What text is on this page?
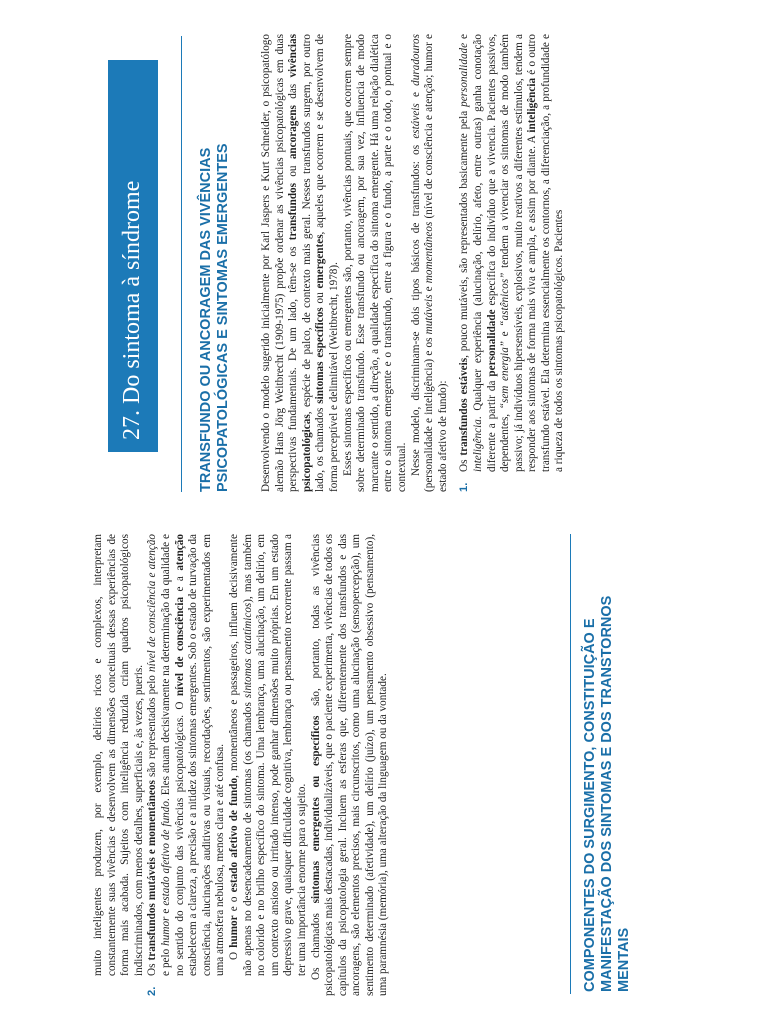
muito inteligentes produzem, por exemplo, delírios ricos e complexos, interpretam constantemente suas vivências e desenvolvem as dimensões conceituais dessas experiências de forma mais acabada. Sujeitos com inteligência reduzida criam quadros psicopatológicos indiscriminados, com menos detalhes, superficiais e, às vezes, pueris.

2.

Os transfundos mutáveis e momentâneos são representados pelo nível de consciência e atenção e pelo humor e estado afetivo de fundo. Eles atuam decisivamente na determinação da qualidade e no sentido do conjunto das vivências psicopatológicas. O nível de consciência e a atenção estabelecem a clareza, a precisão e a nitidez dos sintomas emergentes. Sob o estado de turvação da consciência, alucinações auditivas ou visuais, recordações, sentimentos, são experimentados em uma atmosfera nebulosa, menos clara e até confusa. O humor e o estado afetivo de fundo, momentâneos e passageiros, influem decisivamente não apenas no desencadeamento de sintomas (os chamados sintomas catatímicos), mas também no colorido e no brilho específico do sintoma. Uma lembrança, uma alucinação, um delírio, em um contexto ansioso ou irritado intenso, pode ganhar dimensões muito próprias. Em um estado depressivo grave, quaisquer dificuldade cognitiva, lembrança ou pensamento recorrente passam a ter uma importância enorme para o sujeito. Os chamados sintomas emergentes ou específicos são, portanto, todas as vivências psicopatológicas mais destacadas, individualizáveis, que o paciente experimenta, vivências de todos os capítulos da psicopatologia geral. Incluem as esferas que, diferentemente dos transfundos e das ancoragens, são elementos precisos, mais circunscritos, como uma alucinação (sensopercepção), um sentimento determinado (afetividade), um delírio (juízo), um pensamento obsessivo (pensamento), uma paramnésia (memória), uma alteração da linguagem ou da vontade.	COMPONENTES DO SURGIMENTO, CONSTITUIÇÃO E MANIFESTAÇÃO DOS SINTOMAS E DOS TRANSTORNOS MENTAIS
27. Do sintoma à síndrome	TRANSFUNDO OU ANCORAGEM DAS VIVÊNCIAS PSICOPATOLÓGICAS E SINTOMAS EMERGENTES	Desenvolvendo o modelo sugerido inicialmente por Karl Jaspers e Kurt Schneider, o psicopatólogo alemão Hans Jörg Weitbrecht (1909-1975) propõe ordenar as vivências psicopatológicas em duas perspectivas fundamentais. De um lado, têm-se os transfundos ou ancoragens das vivências psicopatológicas, espécie de palco, de contexto mais geral. Nesses transfundos surgem, por outro lado, os chamados sintomas específicos ou emergentes, aqueles que ocorrem e se desenvolvem de forma perceptível e delimitável (Weitbrecht, 1978). Esses sintomas específicos ou emergentes são, portanto, vivências pontuais, que ocorrem sempre sobre determinado transfundo. Esse transfundo ou ancoragem, por sua vez, influencia de modo marcante o sentido, a direção, a qualidade específica do sintoma emergente. Há uma relação dialética entre o sintoma emergente e o transfundo, entre a figura e o fundo, a parte e o todo, o pontual e o contextual. Nesse modelo, discriminam-se dois tipos básicos de transfundos: os estáveis e duradouros (personalidade e inteligência) e os mutáveis e momentâneos (nível de consciência e atenção; humor e estado afetivo de fundo): 1.

Os transfundos estáveis, pouco mutáveis, são representados basicamente pela personalidade e inteligência. Qualquer experiência (alucinação, delírio, afeto, entre outras) ganha conotação diferente a partir da personalidade específica do indivíduo que a vivencia. Pacientes passivos, dependentes, “sem energia” e “astênicos” tendem a vivenciar os sintomas de modo também passivo; já indivíduos hipersensíveis, explosivos, muito reativos a diferentes estímulos, tendem a responder aos sintomas de forma mais viva e ampla, e assim por diante. A inteligência é o outro transfundo estável. Ela determina essencialmente os contornos, a diferenciação, a profundidade e a riqueza de todos os sintomas psicopatológicos. Pacientes
